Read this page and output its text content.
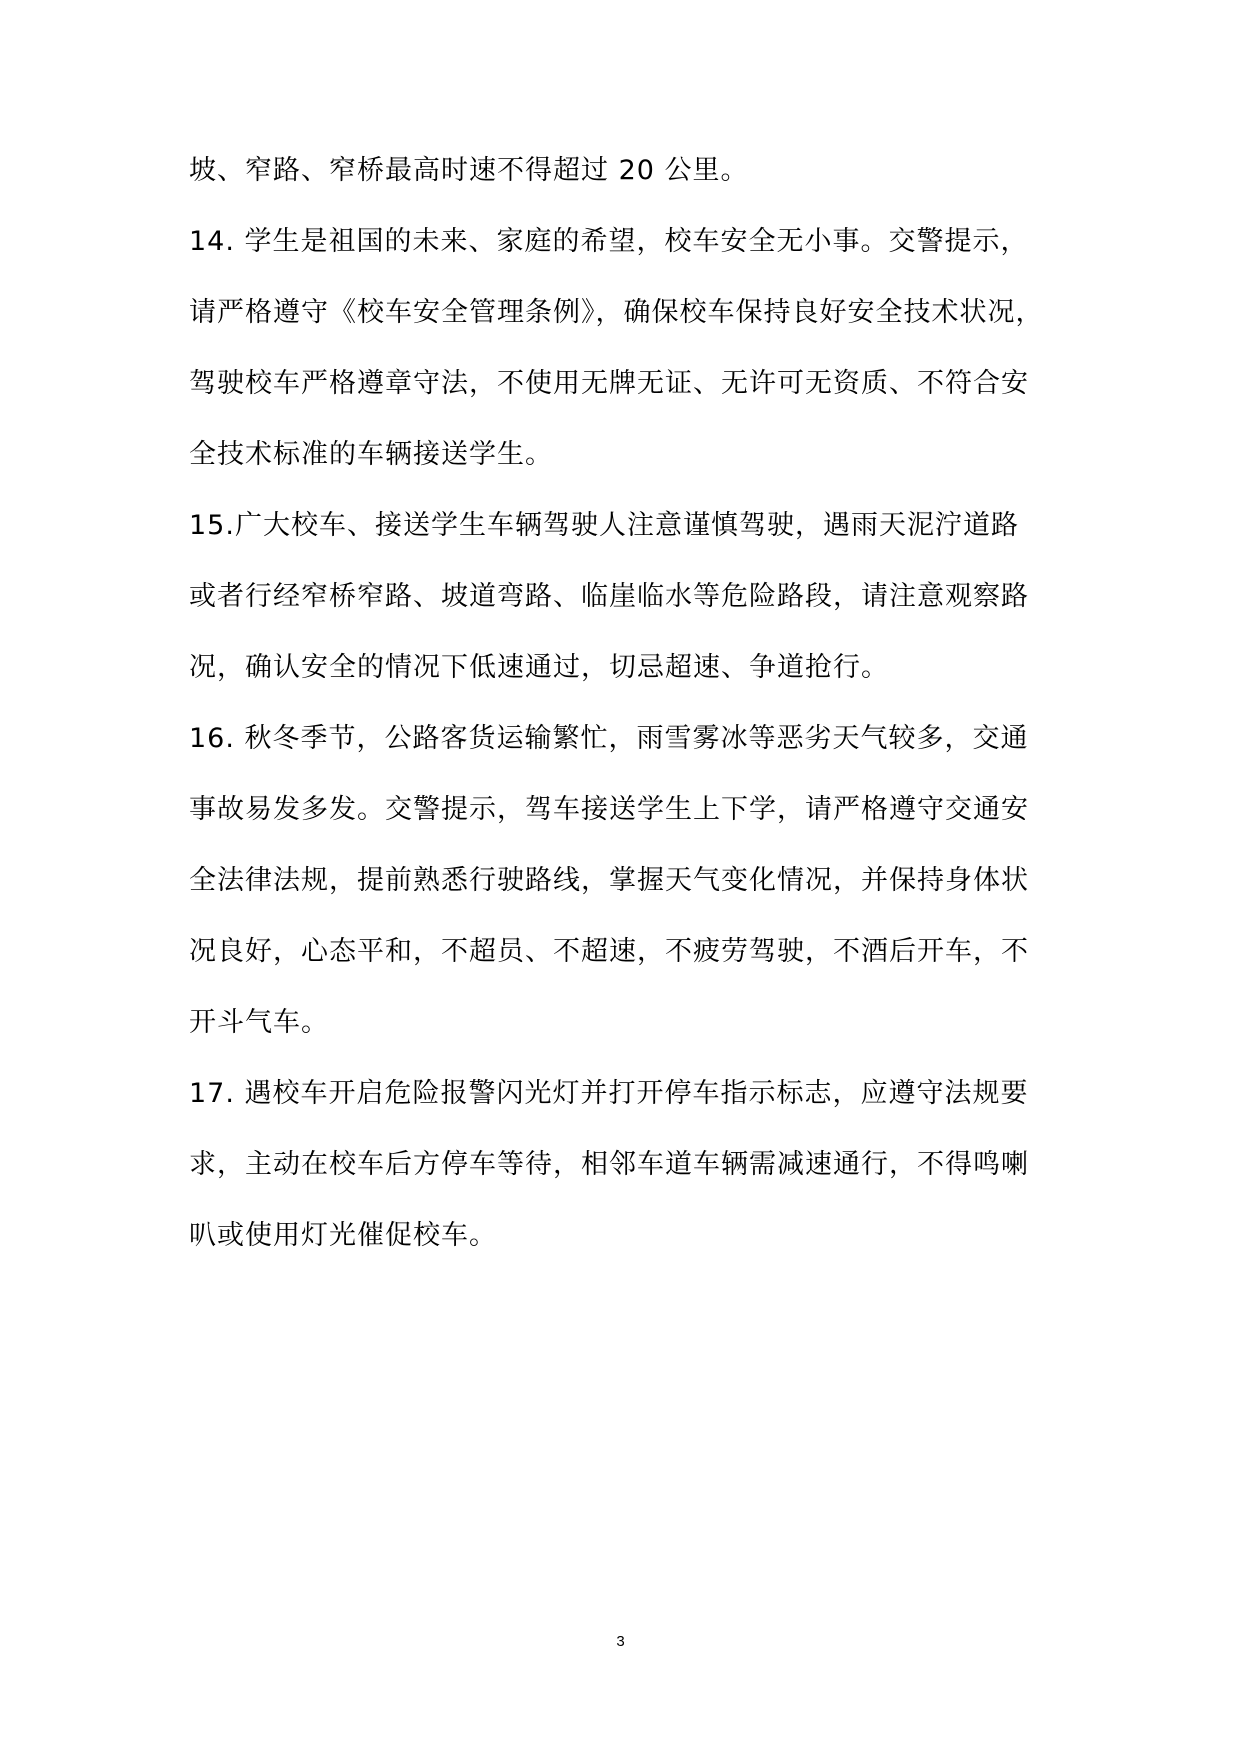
坡、窄路、窄桥最高时速不得超过 20 公里。
14. 学生是祖国的未来、家庭的希望，校车安全无小事。交警提示，
请严格遵守《校车安全管理条例》，确保校车保持良好安全技术状况，
驾驶校车严格遵章守法，不使用无牌无证、无许可无资质、不符合安
全技术标准的车辆接送学生。
15.广大校车、接送学生车辆驾驶人注意谨慎驾驶，遇雨天泥泞道路
或者行经窄桥窄路、坡道弯路、临崖临水等危险路段，请注意观察路
况，确认安全的情况下低速通过，切忌超速、争道抢行。
16. 秋冬季节，公路客货运输繁忙，雨雪雾冰等恶劣天气较多，交通
事故易发多发。交警提示，驾车接送学生上下学，请严格遵守交通安
全法律法规，提前熟悉行驶路线，掌握天气变化情况，并保持身体状
况良好，心态平和，不超员、不超速，不疲劳驾驶，不酒后开车，不
开斗气车。
17. 遇校车开启危险报警闪光灯并打开停车指示标志，应遵守法规要
求，主动在校车后方停车等待，相邻车道车辆需减速通行，不得鸣喇
叭或使用灯光催促校车。
3
